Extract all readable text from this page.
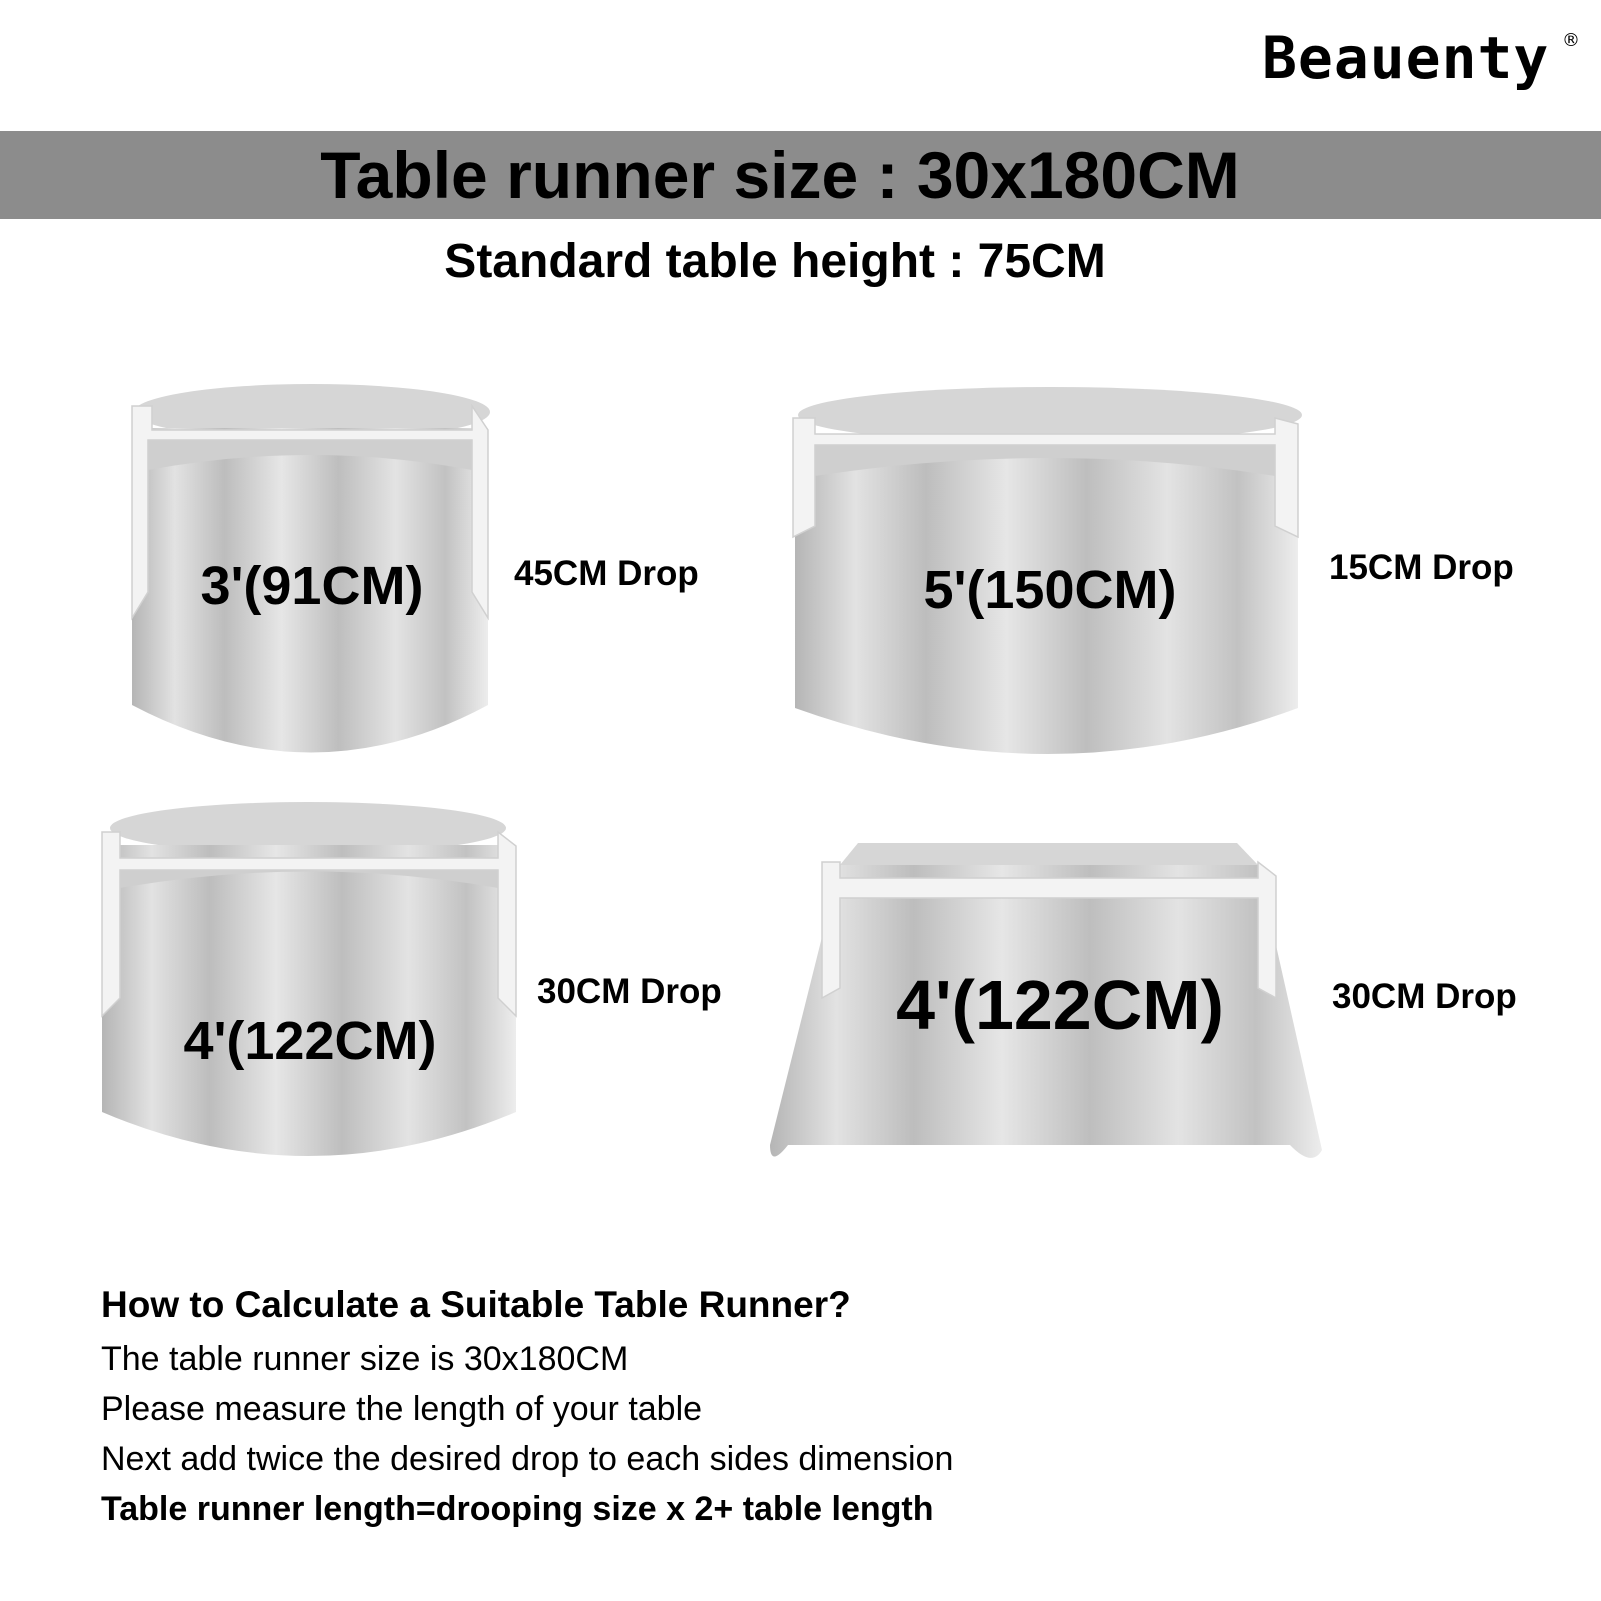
Beauenty ®
Table runner size : 30x180CM
Standard table height : 75CM
3'(91CM)	45CM Drop	5'(150CM)	15CM Drop
4'(122CM)
30CM Drop 4'(122CM)	30CM Drop
How to Calculate a Suitable Table Runner?
The table runner size is 30x180CM
Please measure the length of your table
Next add twice the desired drop to each sides dimension
Table runner length=drooping size x 2+ table length
